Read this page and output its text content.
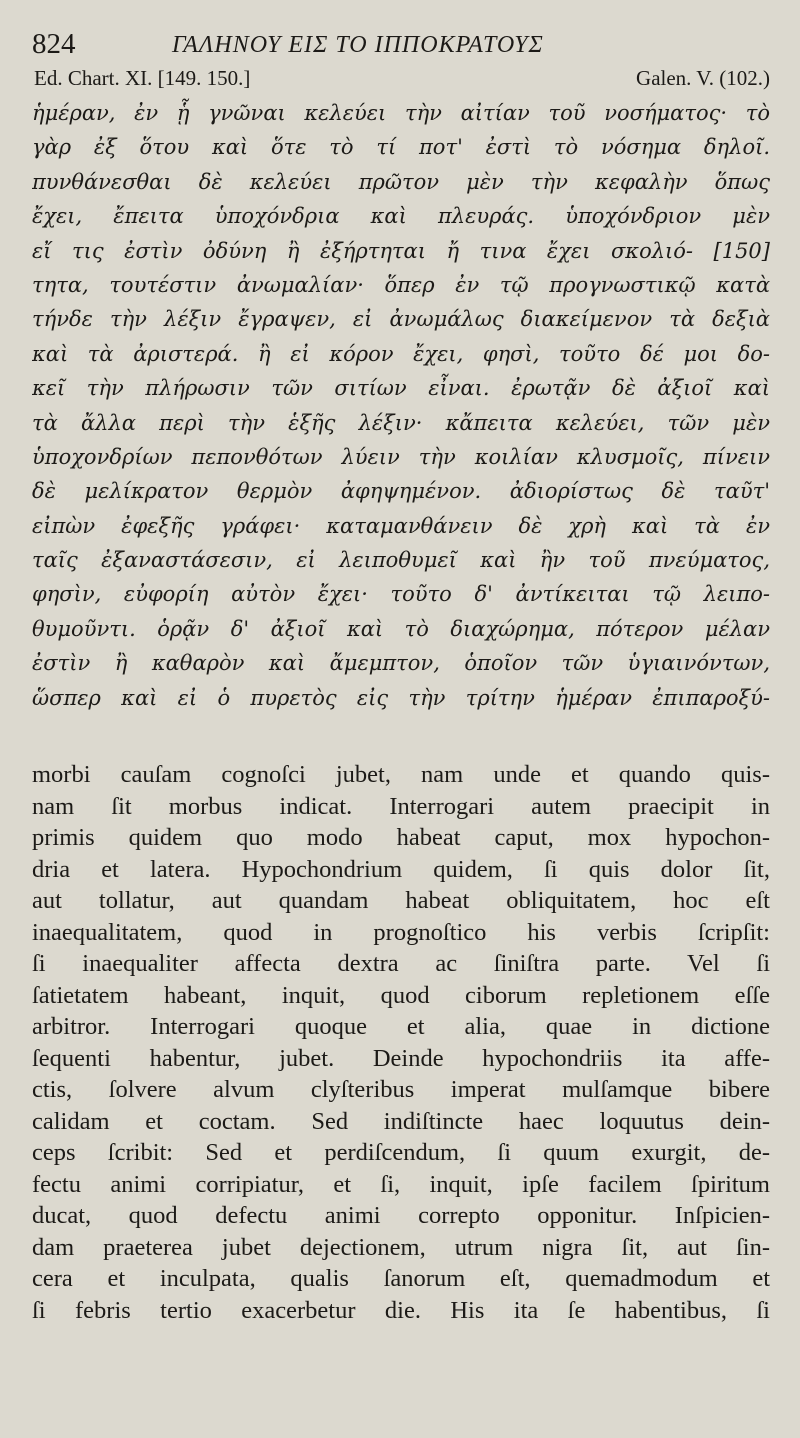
824	ΓΑΛΗΝΟΥ ΕΙΣ ΤΟ ΙΠΠΟΚΡΑΤΟΥΣ
Ed. Chart. XI. [149. 150.]	Galen. V. (102.)
ἡμέραν, ἐν ᾗ γνῶναι κελεύει τὴν αἰτίαν τοῦ νοσήματος· τὸ
γὰρ ἐξ ὅτου καὶ ὅτε τὸ τί ποτ' ἐστὶ τὸ νόσημα δηλοῖ.
πυνθάνεσθαι δὲ κελεύει πρῶτον μὲν τὴν κεφαλὴν ὅπως
ἔχει, ἔπειτα ὑποχόνδρια καὶ πλευράς. ὑποχόνδριον μὲν
εἴ τις ἐστὶν ὀδύνη ἢ ἐξήρτηται ἤ τινα ἔχει σκολιό- [150]
τητα, τουτέστιν ἀνωμαλίαν· ὅπερ ἐν τῷ προγνωστικῷ κατὰ
τήνδε τὴν λέξιν ἔγραψεν, εἰ ἀνωμάλως διακείμενον τὰ δεξιὰ
καὶ τὰ ἀριστερά. ἢ εἰ κόρον ἔχει, φησὶ, τοῦτο δέ μοι δο-
κεῖ τὴν πλήρωσιν τῶν σιτίων εἶναι. ἐρωτᾷν δὲ ἀξιοῖ καὶ
τὰ ἄλλα περὶ τὴν ἑξῆς λέξιν· κἄπειτα κελεύει, τῶν μὲν
ὑποχονδρίων πεπονθότων λύειν τὴν κοιλίαν κλυσμοῖς, πίνειν
δὲ μελίκρατον θερμὸν ἀφηψημένον. ἀδιορίστως δὲ ταῦτ'
εἰπὼν ἐφεξῆς γράφει· καταμανθάνειν δὲ χρὴ καὶ τὰ ἐν
ταῖς ἐξαναστάσεσιν, εἰ λειποθυμεῖ καὶ ἢν τοῦ πνεύματος,
φησὶν, εὐφορίη αὐτὸν ἔχει· τοῦτο δ' ἀντίκειται τῷ λειπο-
θυμοῦντι. ὁρᾷν δ' ἀξιοῖ καὶ τὸ διαχώρημα, πότερον μέλαν
ἐστὶν ἢ καθαρὸν καὶ ἄμεμπτον, ὁποῖον τῶν ὑγιαινόντων,
ὥσπερ καὶ εἰ ὁ πυρετὸς εἰς τὴν τρίτην ἡμέραν ἐπιπαροξύ-
morbi cauſam cognoſci jubet, nam unde et quando quis-
nam ſit morbus indicat. Interrogari autem praecipit in
primis quidem quo modo habeat caput, mox hypochon-
dria et latera. Hypochondrium quidem, ſi quis dolor ſit,
aut tollatur, aut quandam habeat obliquitatem, hoc eſt
inaequalitatem, quod in prognoſtico his verbis ſcripſit:
ſi inaequaliter affecta dextra ac ſiniſtra parte. Vel ſi
ſatietatem habeant, inquit, quod ciborum repletionem eſſe
arbitror. Interrogari quoque et alia, quae in dictione
ſequenti habentur, jubet. Deinde hypochondriis ita affe-
ctis, ſolvere alvum clyſteribus imperat mulſamque bibere
calidam et coctam. Sed indiſtincte haec loquutus dein-
ceps ſcribit: Sed et perdiſcendum, ſi quum exurgit, de-
fectu animi corripiatur, et ſi, inquit, ipſe facilem ſpiritum
ducat, quod defectu animi correpto opponitur. Inſpicien-
dam praeterea jubet dejectionem, utrum nigra ſit, aut ſin-
cera et inculpata, qualis ſanorum eſt, quemadmodum et
ſi febris tertio exacerbetur die. His ita ſe habentibus, ſi
